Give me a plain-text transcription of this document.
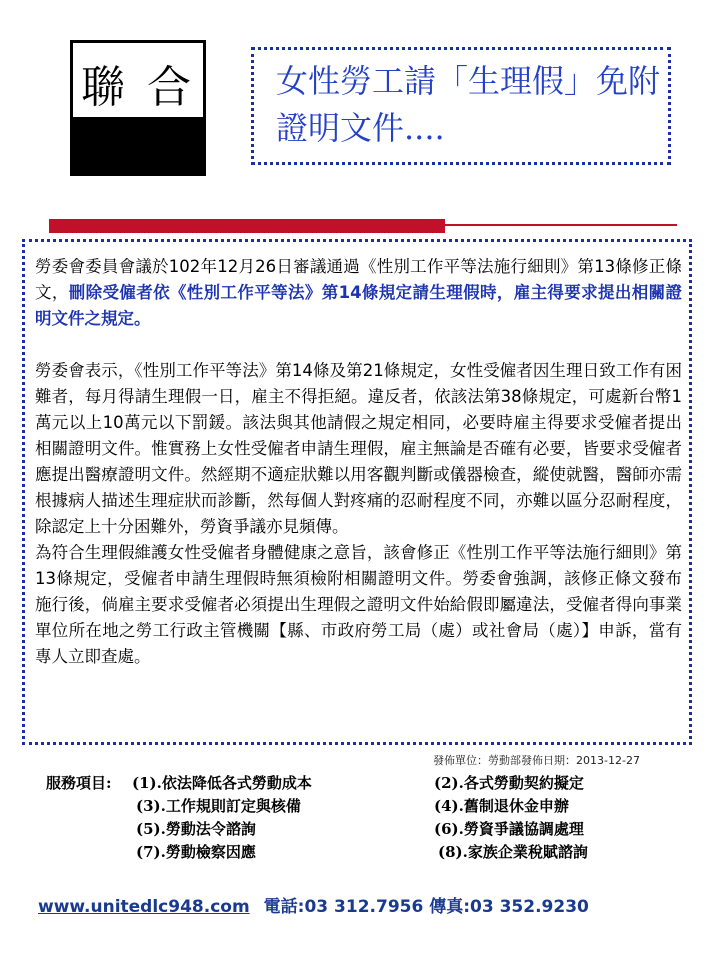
聯 合	女性勞工請「生理假」免附證明文件....

勞委會委員會議於102年12月26日審議通過《性別工作平等法施行細則》第13條修正條文，刪除受僱者依《性別工作平等法》第14條規定請生理假時，雇主得要求提出相關證明文件之規定。

勞委會表示，《性別工作平等法》第14條及第21條規定，女性受僱者因生理日致工作有困難者，每月得請生理假一日，雇主不得拒絕。違反者，依該法第38條規定，可處新台幣1萬元以上10萬元以下罰鍰。該法與其他請假之規定相同，必要時雇主得要求受僱者提出相關證明文件。惟實務上女性受僱者申請生理假，雇主無論是否確有必要，皆要求受僱者應提出醫療證明文件。然經期不適症狀難以用客觀判斷或儀器檢查，縱使就醫，醫師亦需根據病人描述生理症狀而診斷，然每個人對疼痛的忍耐程度不同，亦難以區分忍耐程度，除認定上十分困難外，勞資爭議亦見頻傳。

為符合生理假維護女性受僱者身體健康之意旨，該會修正《性別工作平等法施行細則》第13條規定，受僱者申請生理假時無須檢附相關證明文件。勞委會強調，該修正條文發布施行後，倘雇主要求受僱者必須提出生理假之證明文件始給假即屬違法，受僱者得向事業單位所在地之勞工行政主管機關【縣、市政府勞工局（處）或社會局（處）】申訴，當有專人立即查處。

發佈單位：勞動部發佈日期：2013-12-27
服務項目: (1).依法降低各式勞動成本	(2).各式勞動契約擬定
(3).工作規則訂定與核備	(4).舊制退休金申辦
(5).勞動法令諮詢	(6).勞資爭議協調處理
(7).勞動檢察因應	(8).家族企業稅賦諮詢
www.unitedlc948.com 電話:03 312.7956 傳真:03 352.9230
